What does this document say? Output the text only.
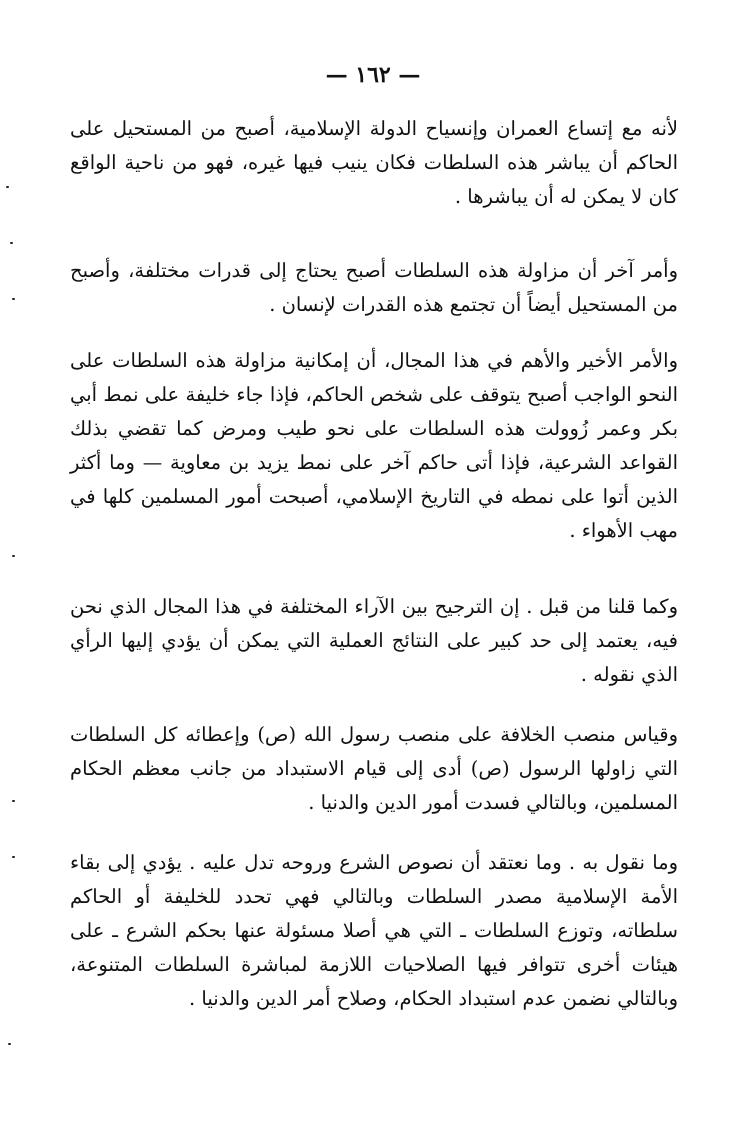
— ١٦٢ —
لأنه مع إتساع العمران وإنسياح الدولة الإسلامية، أصبح من المستحيل على الحاكم أن يباشر هذه السلطات فكان ينيب فيها غيره، فهو من ناحية الواقع كان لا يمكن له أن يباشرها .
وأمر آخر أن مزاولة هذه السلطات أصبح يحتاج إلى قدرات مختلفة، وأصبح من المستحيل أيضاً أن تجتمع هذه القدرات لإنسان .
والأمر الأخير والأهم في هذا المجال، أن إمكانية مزاولة هذه السلطات على النحو الواجب أصبح يتوقف على شخص الحاكم، فإذا جاء خليفة على نمط أبي بكر وعمر زُوولت هذه السلطات على نحو طيب ومرض كما تقضي بذلك القواعد الشرعية، فإذا أتى حاكم آخر على نمط يزيد بن معاوية — وما أكثر الذين أتوا على نمطه في التاريخ الإسلامي، أصبحت أمور المسلمين كلها في مهب الأهواء .
وكما قلنا من قبل . إن الترجيح بين الآراء المختلفة في هذا المجال الذي نحن فيه، يعتمد إلى حد كبير على النتائج العملية التي يمكن أن يؤدي إليها الرأي الذي نقوله .
وقياس منصب الخلافة على منصب رسول الله (ص) وإعطائه كل السلطات التي زاولها الرسول (ص) أدى إلى قيام الاستبداد من جانب معظم الحكام المسلمين، وبالتالي فسدت أمور الدين والدنيا .
وما نقول به . وما نعتقد أن نصوص الشرع وروحه تدل عليه . يؤدي إلى بقاء الأمة الإسلامية مصدر السلطات وبالتالي فهي تحدد للخليفة أو الحاكم سلطاته، وتوزع السلطات ـ التي هي أصلا مسئولة عنها بحكم الشرع ـ على هيئات أخرى تتوافر فيها الصلاحيات اللازمة لمباشرة السلطات المتنوعة، وبالتالي نضمن عدم استبداد الحكام، وصلاح أمر الدين والدنيا .
